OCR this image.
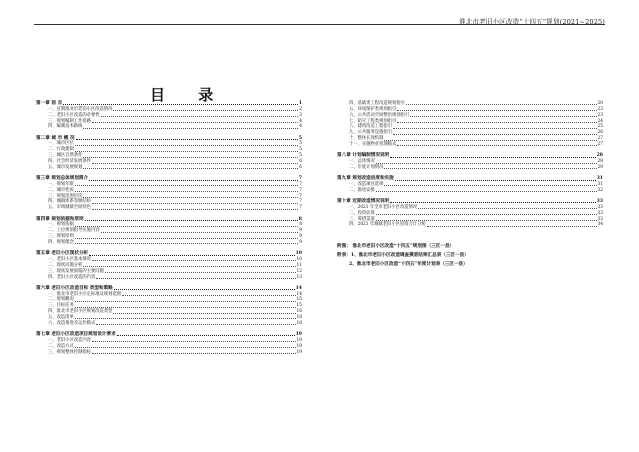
淮北市老旧小区改造“十四五”规划(2021~2025)
目 录
第一章 前 言	1
一、近期淮北市老旧小区改造情况	2
二、老旧小区改造的必要性	3
三、规划编制工作思路	4
四、编制技术路线	4
第二章 城 市 概 况	5
一、城市区位	5
二、行政建制	5
三、城区自然条件	5
四、社会经济发展条件	6
五、城市发展规划	6
第三章 规划总体规划简介	7
一、规划年限	7
二、城市性质	7
三、规划范围层次	7
四、城镇体系等级结构	7
五、市域城镇空间特色	7
第四章 规划依据和原则	8
一、规划依据	8
二、上位规划指导实施内容	9
三、规划原则	9
四、规划理念	9
第五章 老旧小区现状分析	10
一、老旧小区基本情况	10
二、现状问题分析	11
三、现状发展面临的主要问题	12
四、老旧小区改造的内容	13
第六章 老旧小区改造目标 类型和策略	14
一、淮北市老旧小区定标准及规划范围	14
二、规划概况	15
三、目标任务	15
四、淮北市老旧小区规划改造类型	16
五、改造清单	18
六、改造推进及运作模式	18
第七章 老旧小区改造项目规划设计要求	19
一、老旧小区改造内容	19
二、改造方式	19
三、规划整体控制指标	19
四、基础类工程改造规划指引	20
五、环境保护类规划指引	23
六、公共活动空间整治规划指引	23
七、防灾工程类规划指引	24
八、建筑改造工程指引	25
九、公共服务设施指引	26
十、整体长效机制	27
十一、实施物业管理模式	27
第八章 计划编制情况说明	28
一、总体情况	28
二、年度计划情况	29
第九章 规划改造进度和实施	31
一、改造项目选择	31
二、推进安排	32
第十章 近期改造情况说明	33
一、2021 年全市老旧小区改造情况	33
二、投资估算	33
三、筹措渠道	33
四、2021 年城镇老旧小区投资合计分析	34
附图： 淮北市老旧小区改造“十四五”规划图（三区一县）
附表：1、淮北市老旧小区改造调查摸底结果汇总表（三区一县）
2、淮北市老旧小区改造“十四五”年度计划表（三区一县）
